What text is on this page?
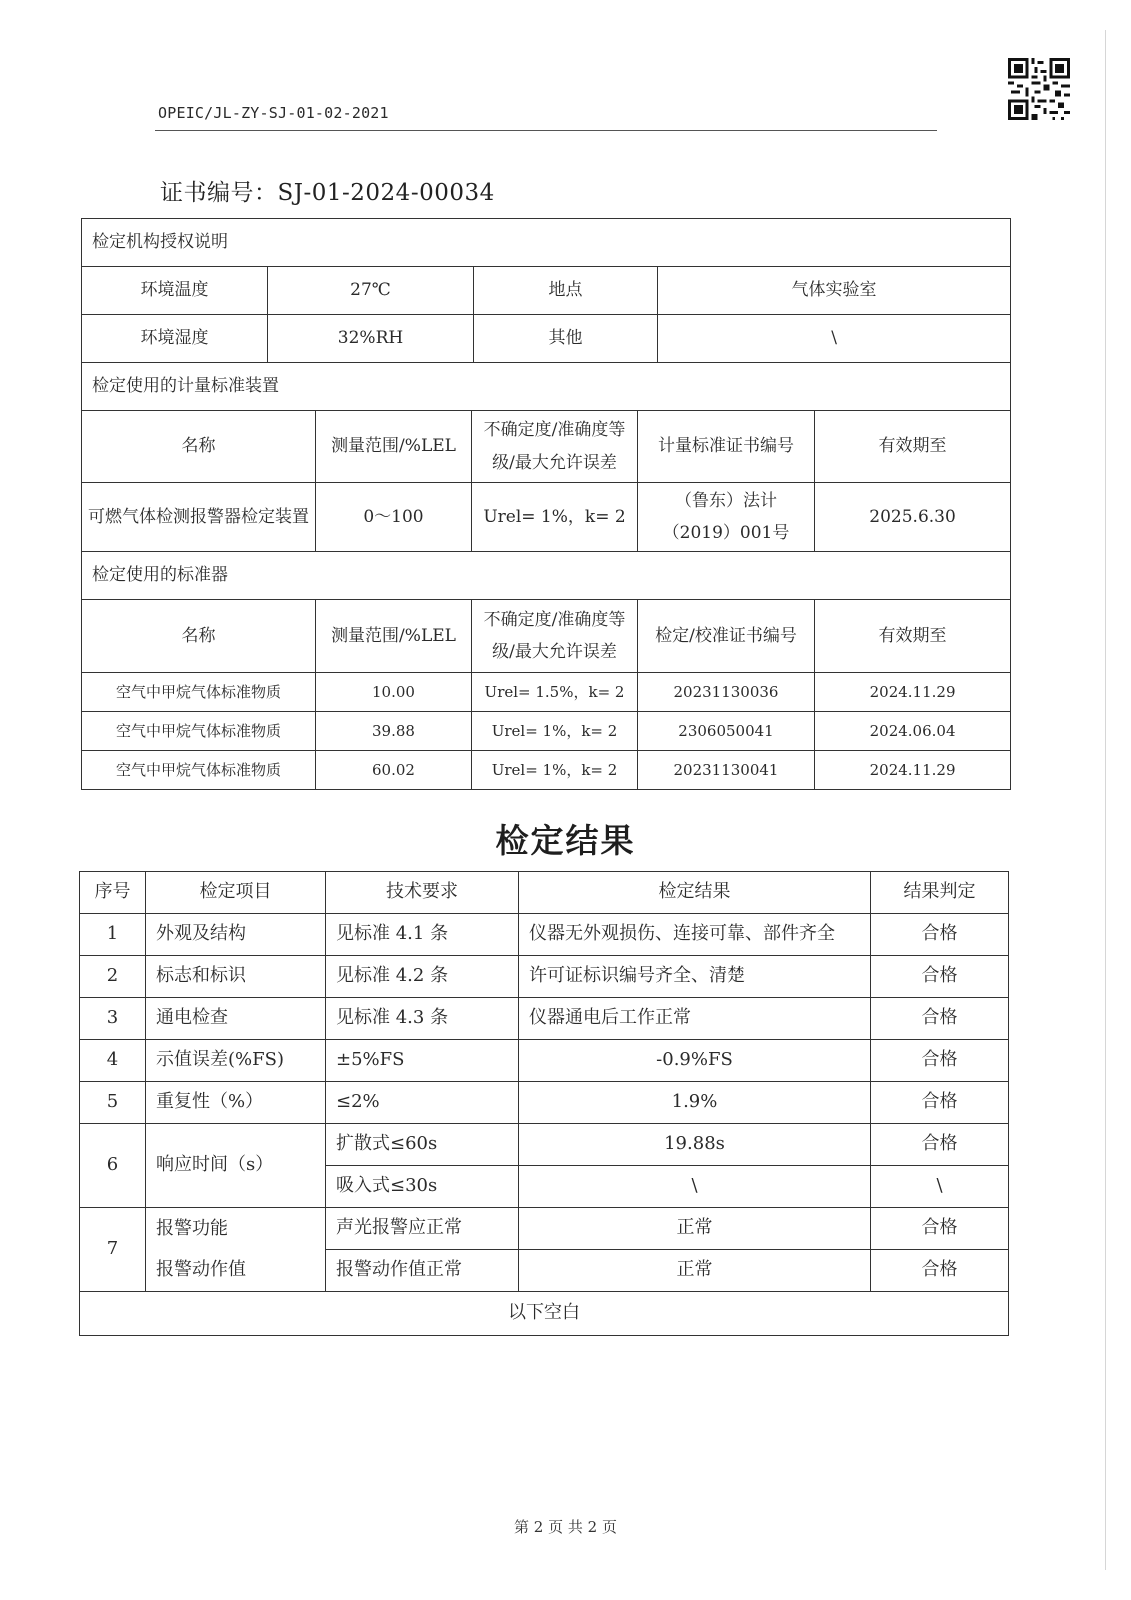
OPEIC/JL-ZY-SJ-01-02-2021
证书编号：SJ-01-2024-00034
检定机构授权说明							
环境温度	27℃			地点		气体实验室	
环境湿度	32%RH			其他		\	
检定使用的计量标准装置							
名称		测量范围/%LEL	不确定度/准确度等级/最大允许误差		计量标准证书编号		有效期至
可燃气体检测报警器检定装置		0～100	Urel= 1%，k= 2		（鲁东）法计（2019）001号		2025.6.30
检定使用的标准器							
名称		测量范围/%LEL	不确定度/准确度等级/最大允许误差		检定/校准证书编号		有效期至
空气中甲烷气体标准物质		10.00	Urel= 1.5%，k= 2		20231130036		2024.11.29
空气中甲烷气体标准物质		39.88	Urel= 1%，k= 2		2306050041		2024.06.04
空气中甲烷气体标准物质		60.02	Urel= 1%，k= 2		20231130041		2024.11.29
检定结果
序号	检定项目	技术要求	检定结果	结果判定
1	外观及结构	见标准 4.1 条	仪器无外观损伤、连接可靠、部件齐全	合格
2	标志和标识	见标准 4.2 条	许可证标识编号齐全、清楚	合格
3	通电检查	见标准 4.3 条	仪器通电后工作正常	合格
4	示值误差(%FS)	±5%FS	-0.9%FS	合格
5	重复性（%）	≤2%	1.9%	合格
6	响应时间（s）	扩散式≤60s	19.88s	合格
		吸入式≤30s	\	\
7	报警功能	声光报警应正常	正常	合格
	报警动作值	报警动作值正常	正常	合格
以下空白				
第 2 页 共 2 页
